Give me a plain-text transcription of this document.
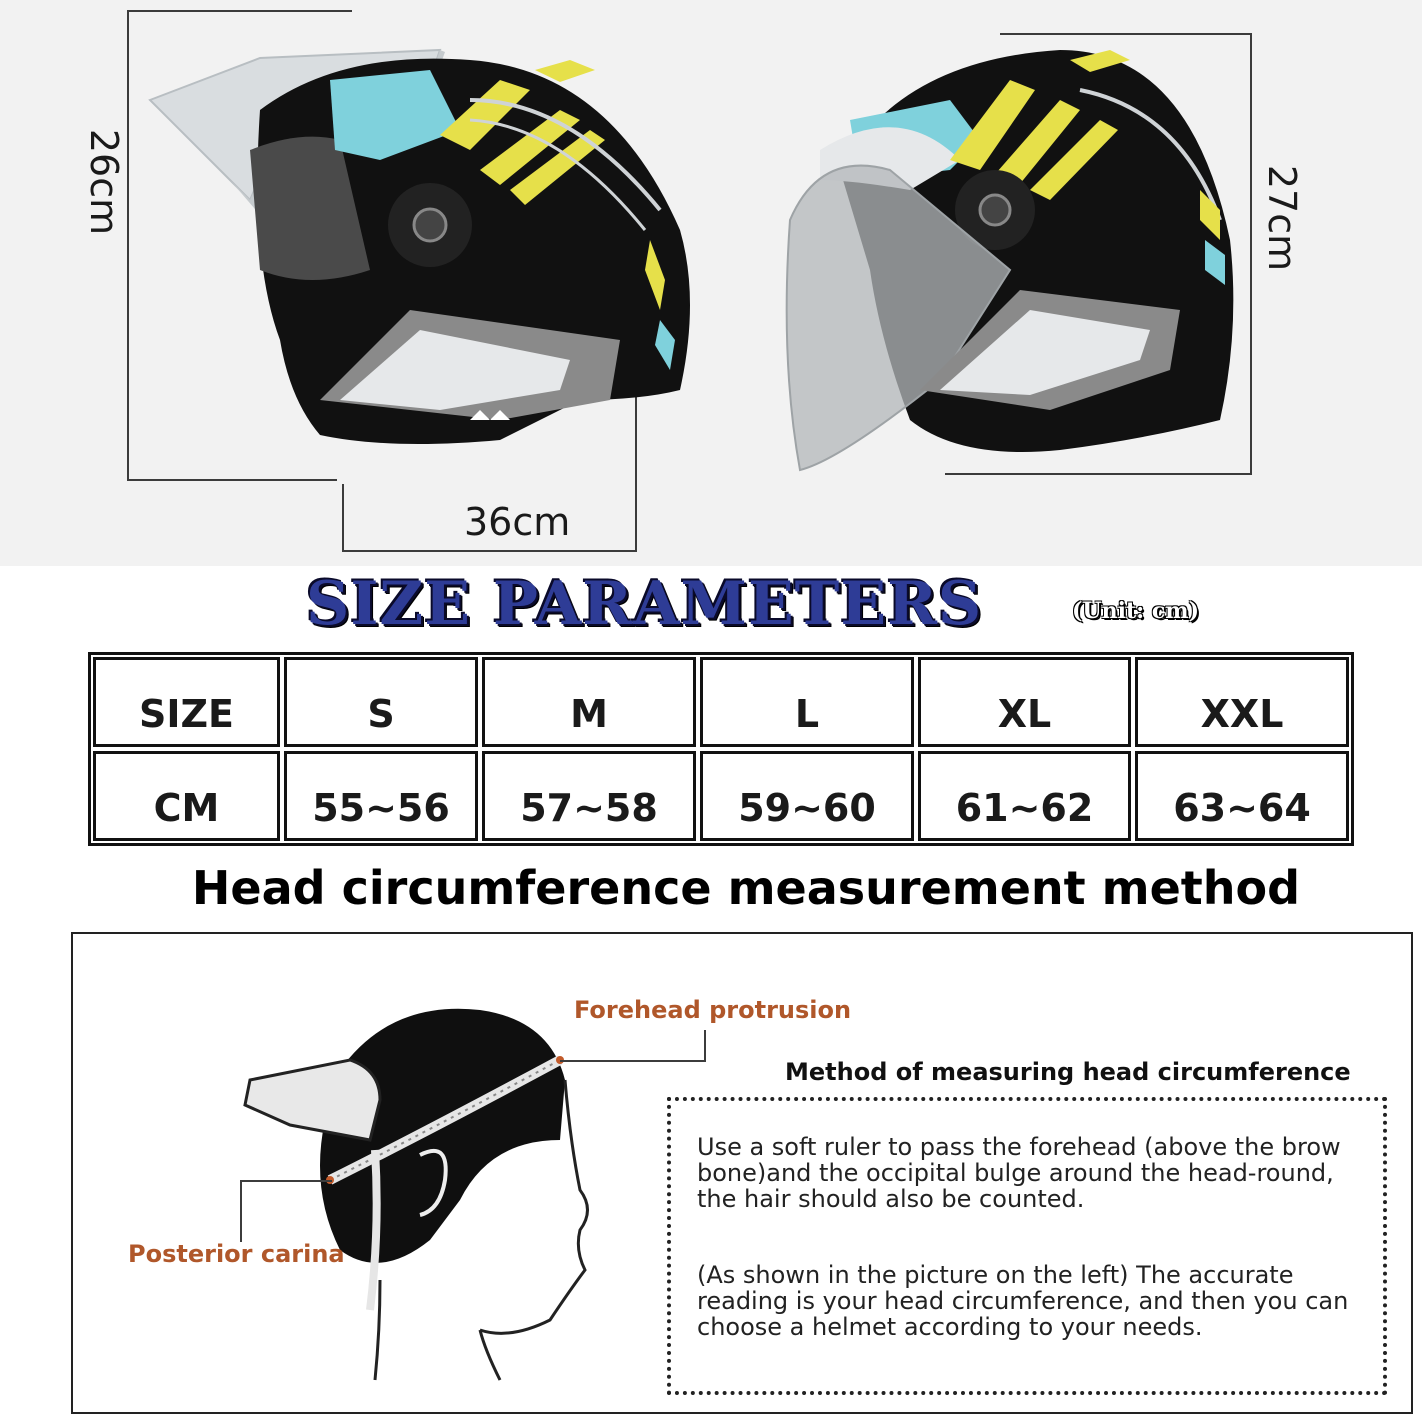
26cm
36cm
27cm
SIZE PARAMETERS	(Unit: cm)
SIZE	S	M	L	XL	XXL
CM	55~56	57~58	59~60	61~62	63~64
Head circumference measurement method
Forehead protrusion
Posterior carina
Method of measuring head circumference
Use a soft ruler to pass the forehead (above the brow bone)and the occipital bulge around the head-round, the hair should also be counted.
(As shown in the picture on the left) The accurate reading is your head circumference, and then you can choose a helmet according to your needs.
